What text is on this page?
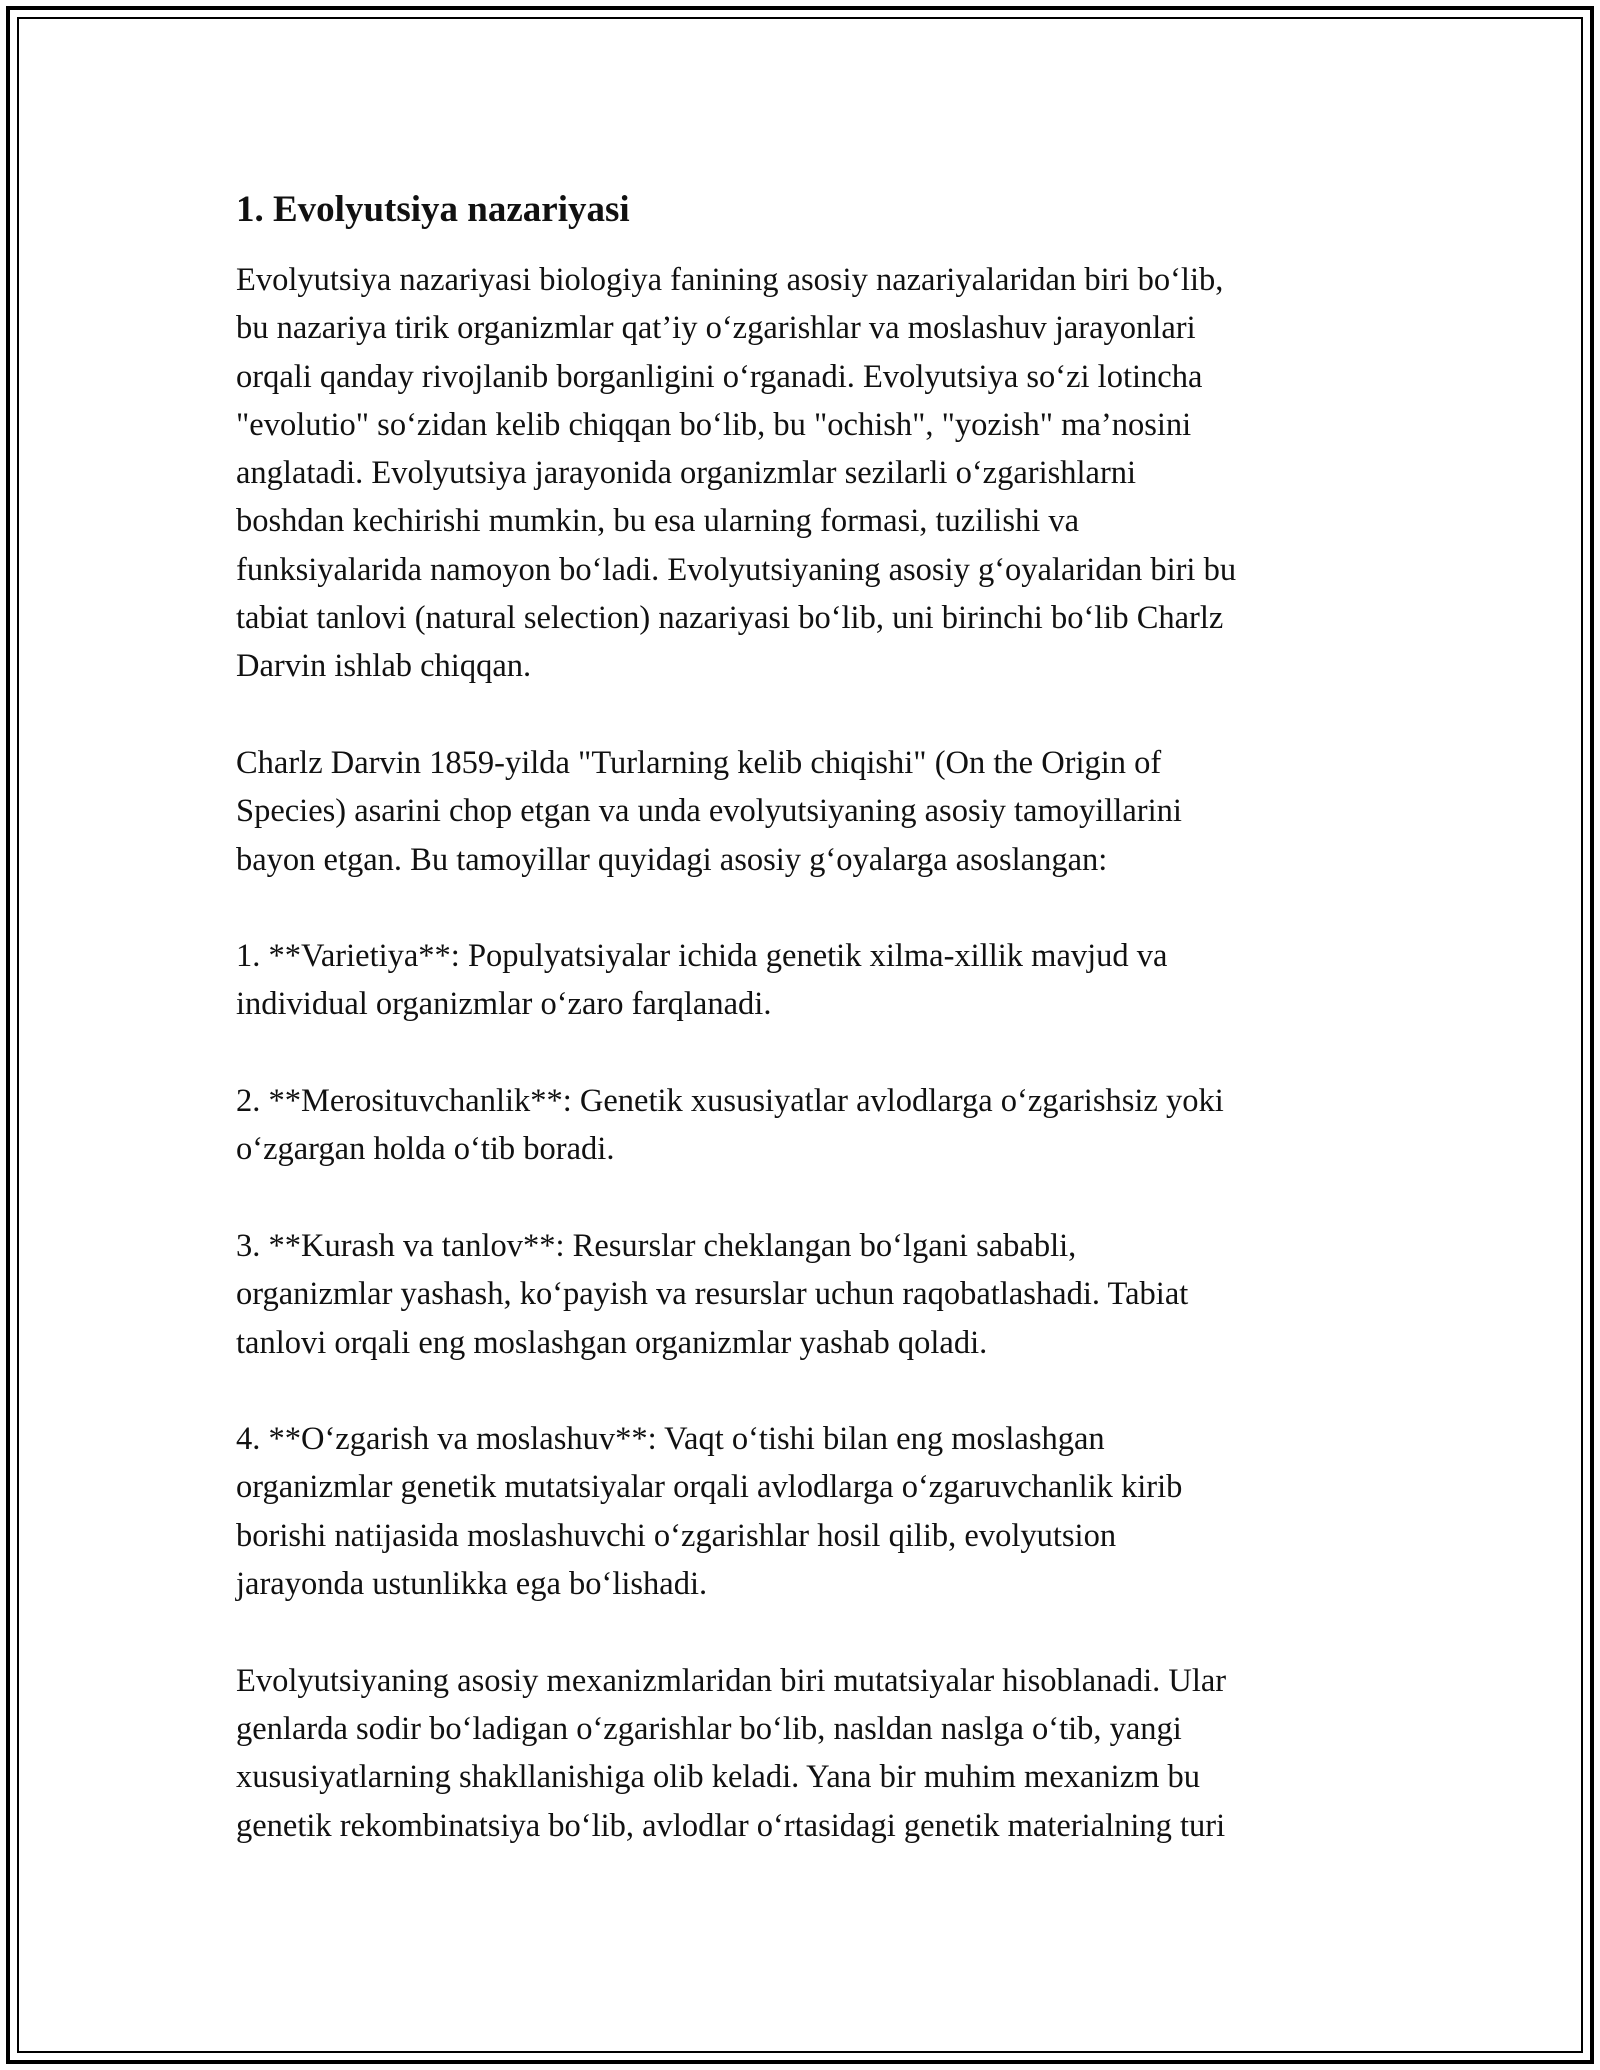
1. Evolyutsiya nazariyasi

Evolyutsiya nazariyasi biologiya fanining asosiy nazariyalaridan biri bo‘lib,
bu nazariya tirik organizmlar qat’iy o‘zgarishlar va moslashuv jarayonlari
orqali qanday rivojlanib borganligini o‘rganadi. Evolyutsiya so‘zi lotincha
"evolutio" so‘zidan kelib chiqqan bo‘lib, bu "ochish", "yozish" ma’nosini
anglatadi. Evolyutsiya jarayonida organizmlar sezilarli o‘zgarishlarni
boshdan kechirishi mumkin, bu esa ularning formasi, tuzilishi va
funksiyalarida namoyon bo‘ladi. Evolyutsiyaning asosiy g‘oyalaridan biri bu
tabiat tanlovi (natural selection) nazariyasi bo‘lib, uni birinchi bo‘lib Charlz
Darvin ishlab chiqqan.

Charlz Darvin 1859-yilda "Turlarning kelib chiqishi" (On the Origin of
Species) asarini chop etgan va unda evolyutsiyaning asosiy tamoyillarini
bayon etgan. Bu tamoyillar quyidagi asosiy g‘oyalarga asoslangan:

1. **Varietiya**: Populyatsiyalar ichida genetik xilma-xillik mavjud va
individual organizmlar o‘zaro farqlanadi.

2. **Merosituvchanlik**: Genetik xususiyatlar avlodlarga o‘zgarishsiz yoki
o‘zgargan holda o‘tib boradi.

3. **Kurash va tanlov**: Resurslar cheklangan bo‘lgani sababli,
organizmlar yashash, ko‘payish va resurslar uchun raqobatlashadi. Tabiat
tanlovi orqali eng moslashgan organizmlar yashab qoladi.

4. **O‘zgarish va moslashuv**: Vaqt o‘tishi bilan eng moslashgan
organizmlar genetik mutatsiyalar orqali avlodlarga o‘zgaruvchanlik kirib
borishi natijasida moslashuvchi o‘zgarishlar hosil qilib, evolyutsion
jarayonda ustunlikka ega bo‘lishadi.

Evolyutsiyaning asosiy mexanizmlaridan biri mutatsiyalar hisoblanadi. Ular
genlarda sodir bo‘ladigan o‘zgarishlar bo‘lib, nasldan naslga o‘tib, yangi
xususiyatlarning shakllanishiga olib keladi. Yana bir muhim mexanizm bu
genetik rekombinatsiya bo‘lib, avlodlar o‘rtasidagi genetik materialning turi
